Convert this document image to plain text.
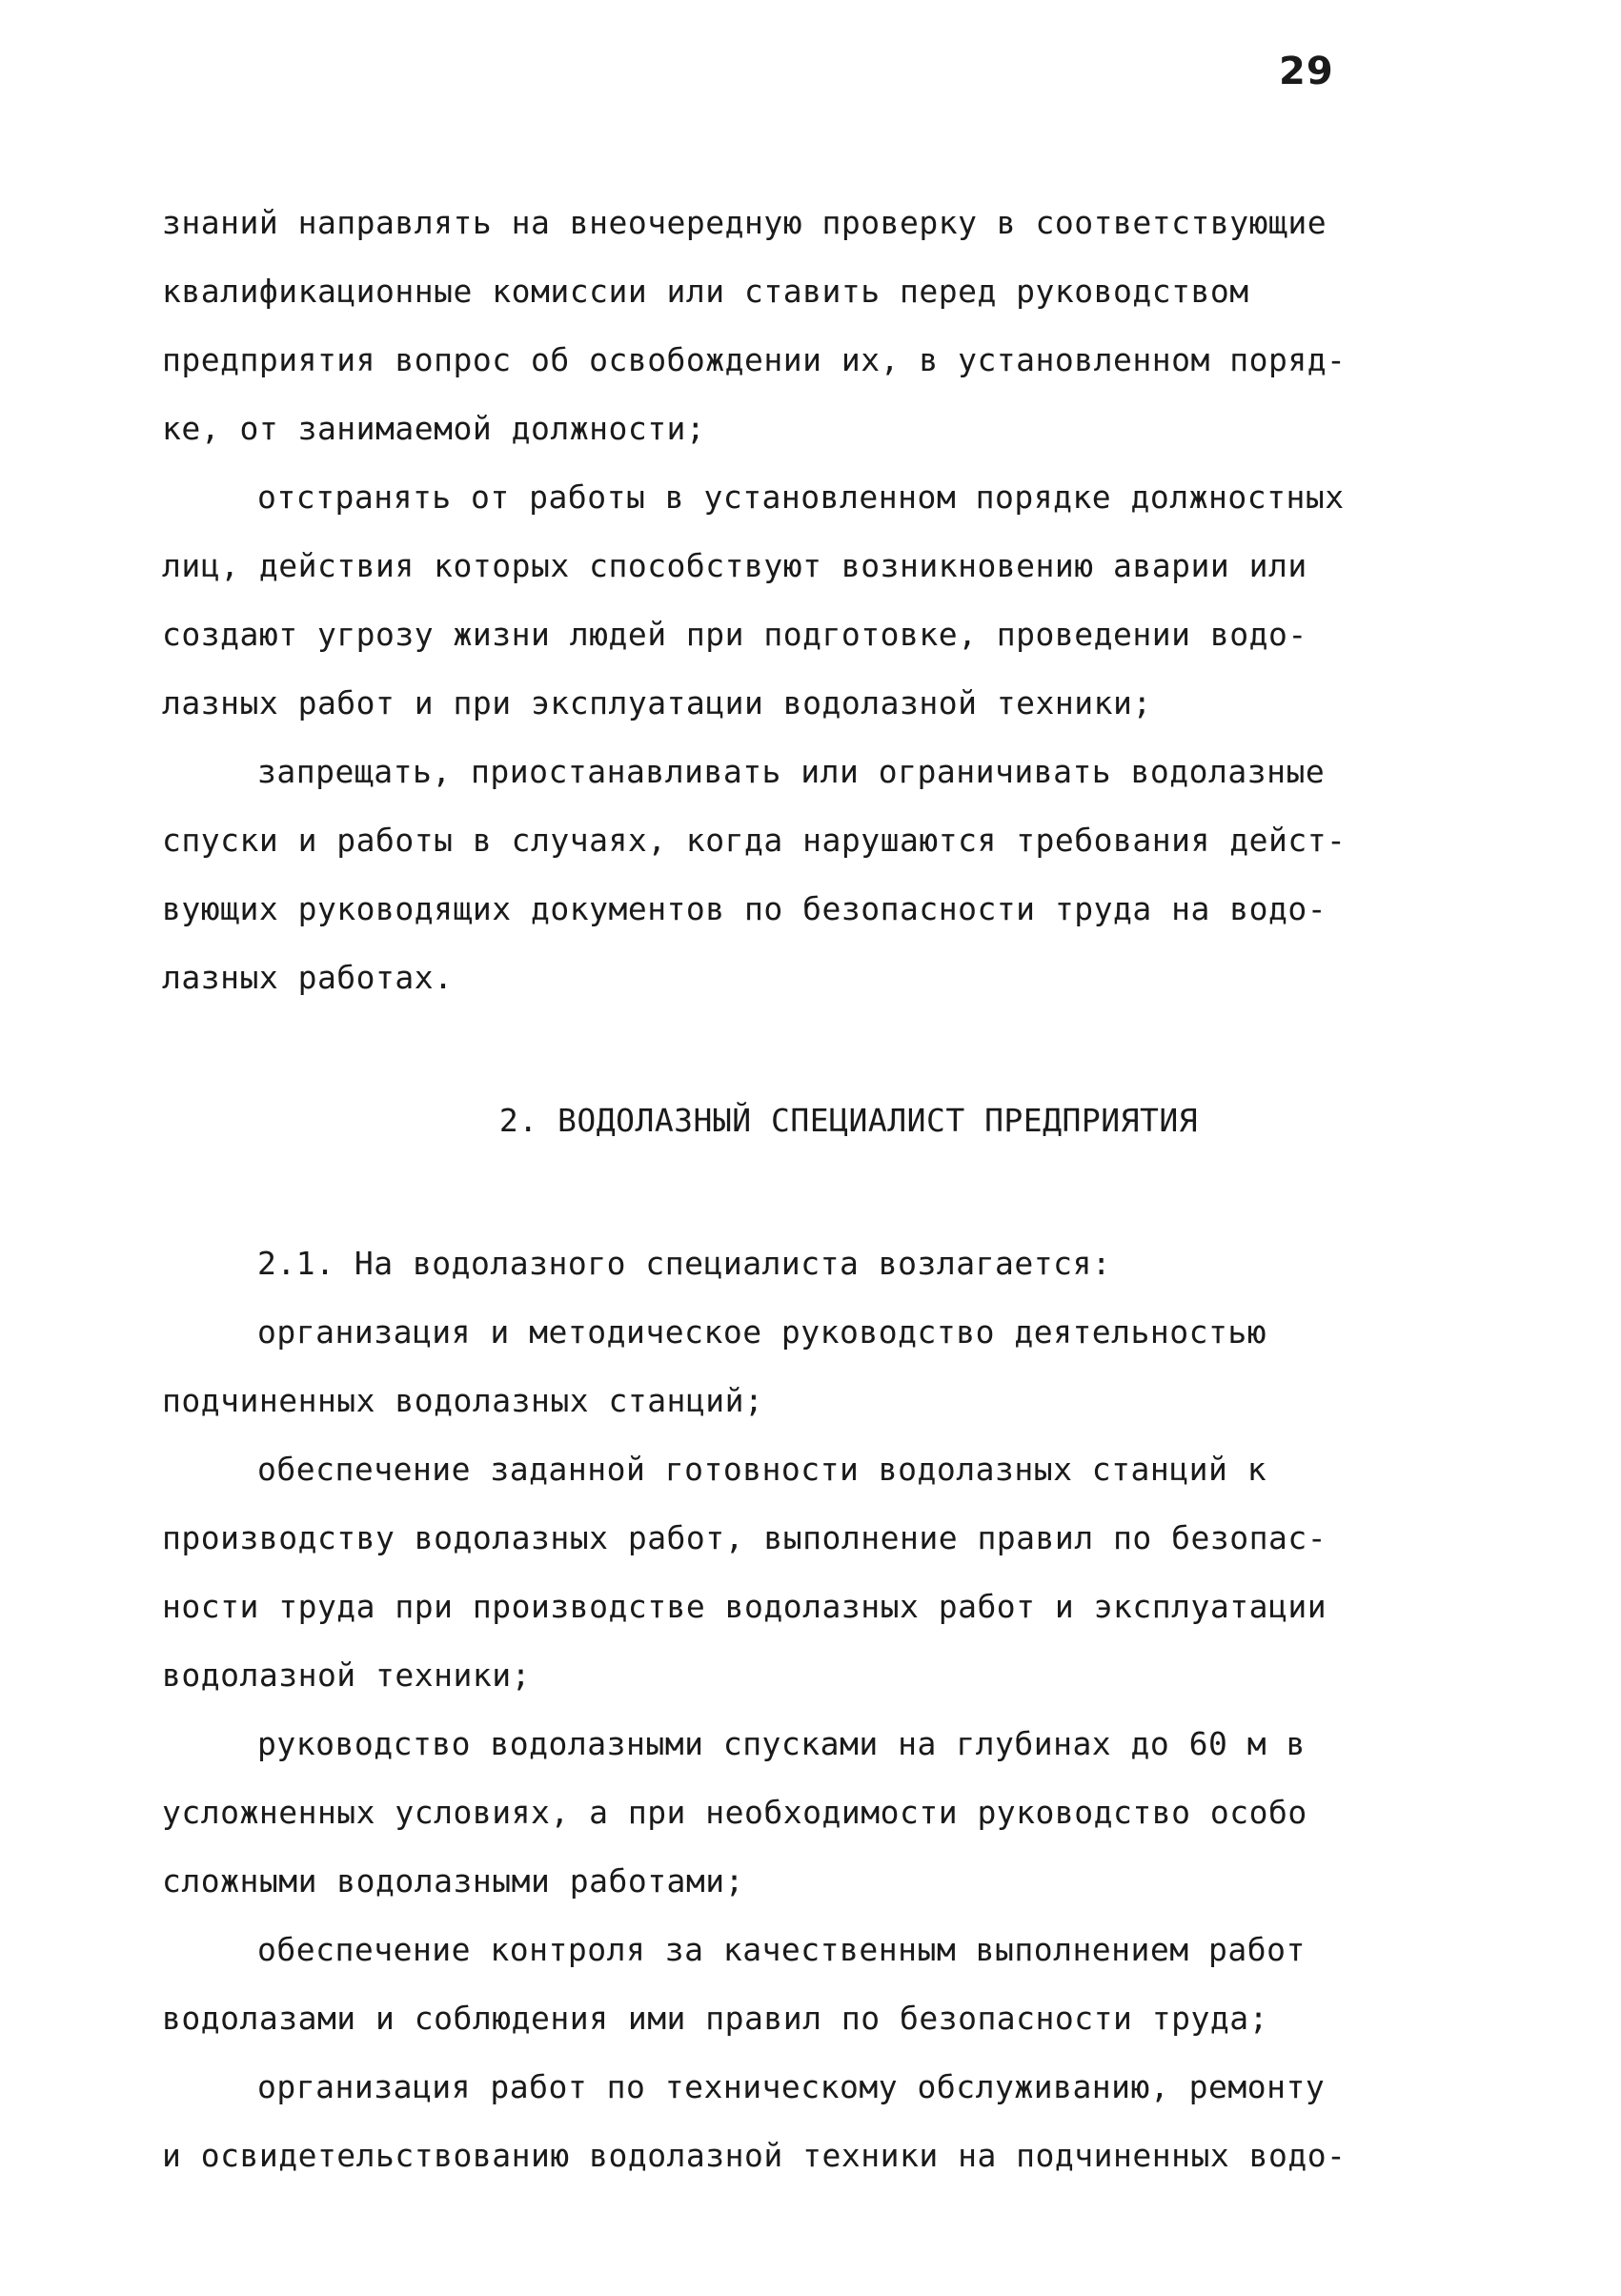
29
знаний направлять на внеочередную проверку в соответствующие
квалификационные комиссии или ставить перед руководством
предприятия вопрос об освобождении их, в установленном поряд-
ке, от занимаемой должности;
отстранять от работы в установленном порядке должностных
лиц, действия которых способствуют возникновению аварии или
создают угрозу жизни людей при подготовке, проведении водо-
лазных работ и при эксплуатации водолазной техники;
запрещать, приостанавливать или ограничивать водолазные
спуски и работы в случаях, когда нарушаются требования дейст-
вующих руководящих документов по безопасности труда на водо-
лазных работах.
2. ВОДОЛАЗНЫЙ СПЕЦИАЛИСТ ПРЕДПРИЯТИЯ
2.1. На водолазного специалиста возлагается:
организация и методическое руководство деятельностью
подчиненных водолазных станций;
обеспечение заданной готовности водолазных станций к
производству водолазных работ, выполнение правил по безопас-
ности труда при производстве водолазных работ и эксплуатации
водолазной техники;
руководство водолазными спусками на глубинах до 60 м в
усложненных условиях, а при необходимости руководство особо
сложными водолазными работами;
обеспечение контроля за качественным выполнением работ
водолазами и соблюдения ими правил по безопасности труда;
организация работ по техническому обслуживанию, ремонту
и освидетельствованию водолазной техники на подчиненных водо-
